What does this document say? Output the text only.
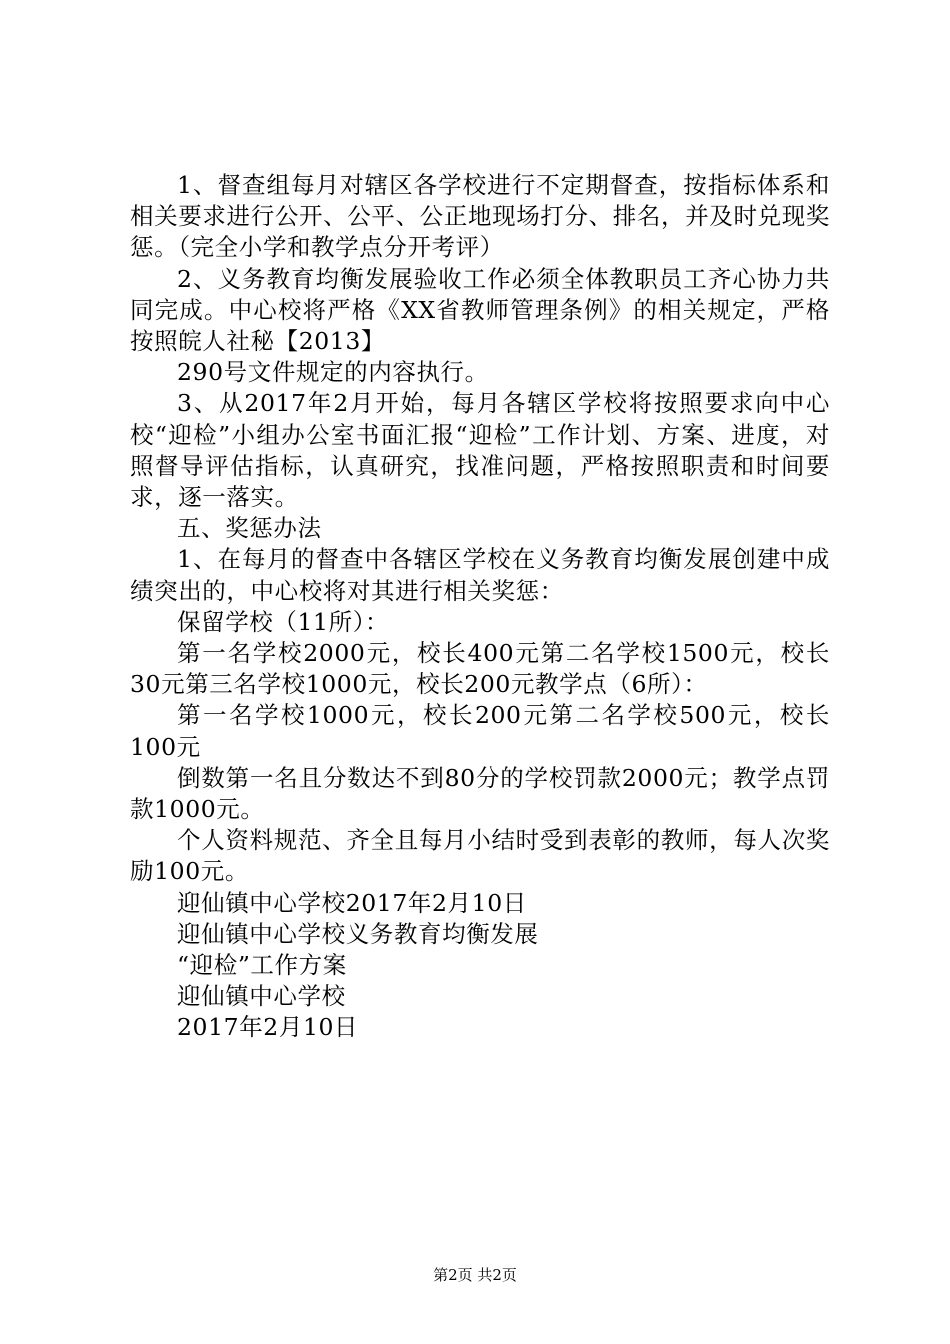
1、督查组每月对辖区各学校进行不定期督查，按指标体系和相关要求进行公开、公平、公正地现场打分、排名，并及时兑现奖惩。（完全小学和教学点分开考评）

2、义务教育均衡发展验收工作必须全体教职员工齐心协力共同完成。中心校将严格《XX省教师管理条例》的相关规定，严格按照皖人社秘【2013】

290号文件规定的内容执行。

3、从2017年2月开始，每月各辖区学校将按照要求向中心校“迎检”小组办公室书面汇报“迎检”工作计划、方案、进度，对照督导评估指标，认真研究，找准问题，严格按照职责和时间要求，逐一落实。

五、奖惩办法

1、在每月的督查中各辖区学校在义务教育均衡发展创建中成绩突出的，中心校将对其进行相关奖惩：

保留学校（11所）：

第一名学校2000元，校长400元第二名学校1500元，校长30元第三名学校1000元，校长200元教学点（6所）：

第一名学校1000元，校长200元第二名学校500元，校长100元

倒数第一名且分数达不到80分的学校罚款2000元；教学点罚款1000元。

个人资料规范、齐全且每月小结时受到表彰的教师，每人次奖励100元。

迎仙镇中心学校2017年2月10日

迎仙镇中心学校义务教育均衡发展

“迎检”工作方案

迎仙镇中心学校

2017年2月10日

第2页 共2页
